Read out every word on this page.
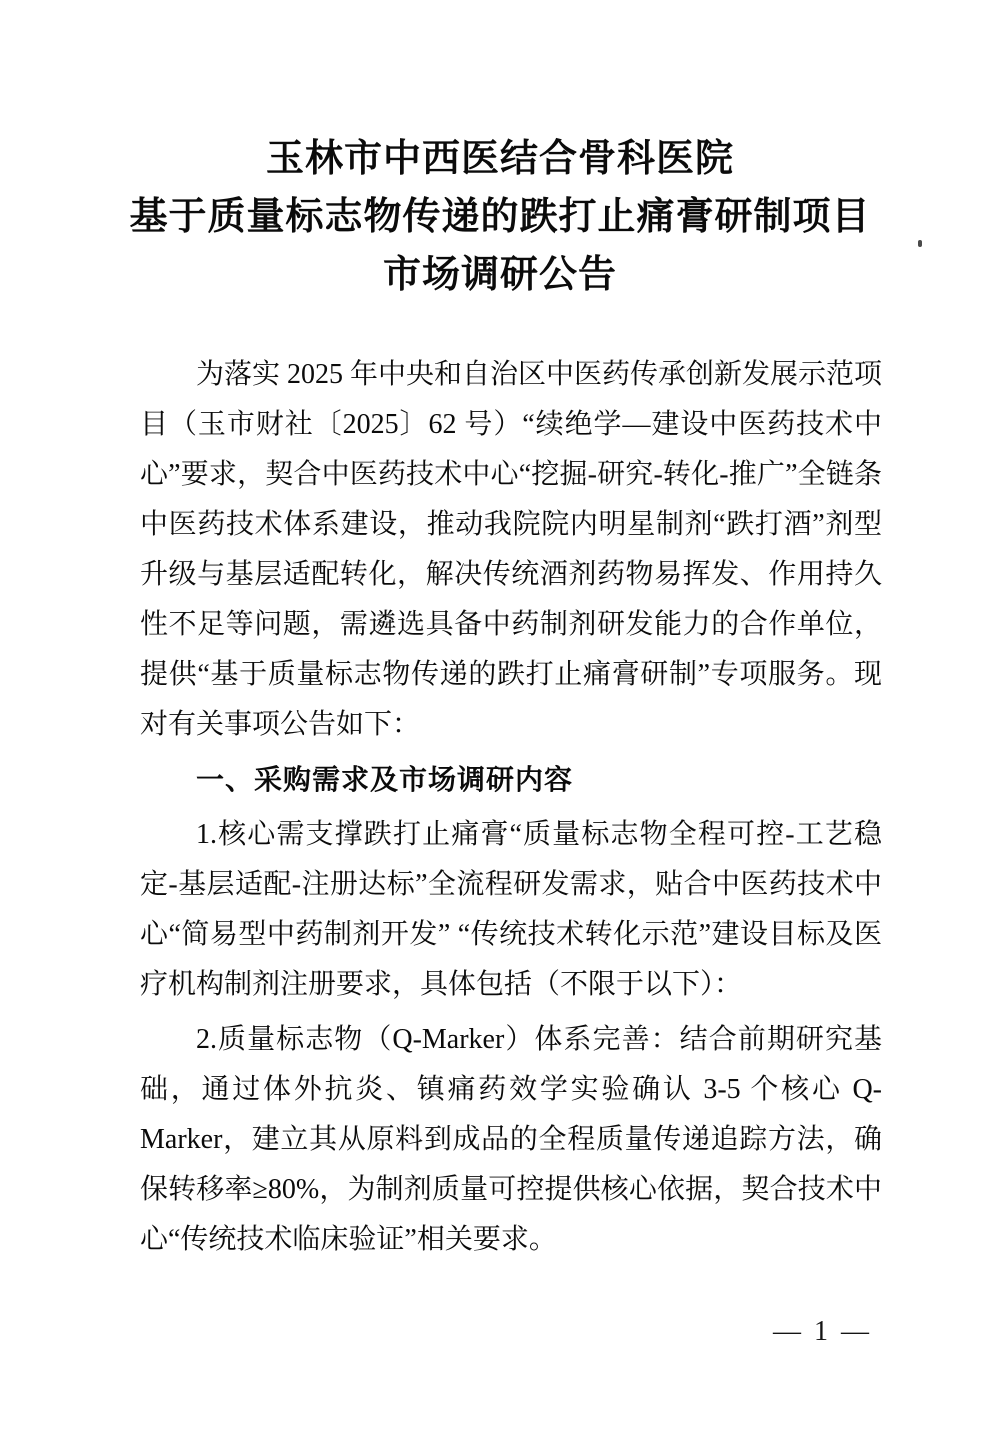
玉林市中西医结合骨科医院
基于质量标志物传递的跌打止痛膏研制项目
市场调研公告

为落实 2025 年中央和自治区中医药传承创新发展示范项目（玉市财社〔2025〕62 号）“续绝学—建设中医药技术中心”要求，契合中医药技术中心“挖掘-研究-转化-推广”全链条中医药技术体系建设，推动我院院内明星制剂“跌打酒”剂型升级与基层适配转化，解决传统酒剂药物易挥发、作用持久性不足等问题，需遴选具备中药制剂研发能力的合作单位，提供“基于质量标志物传递的跌打止痛膏研制”专项服务。现对有关事项公告如下：

一、采购需求及市场调研内容

1.核心需支撑跌打止痛膏“质量标志物全程可控-工艺稳定-基层适配-注册达标”全流程研发需求，贴合中医药技术中心“简易型中药制剂开发” “传统技术转化示范”建设目标及医疗机构制剂注册要求，具体包括（不限于以下）：

2.质量标志物（Q-Marker）体系完善：结合前期研究基础，通过体外抗炎、镇痛药效学实验确认 3-5 个核心 Q-Marker，建立其从原料到成品的全程质量传递追踪方法，确保转移率≥80%，为制剂质量可控提供核心依据，契合技术中心“传统技术临床验证”相关要求。

— 1 —
